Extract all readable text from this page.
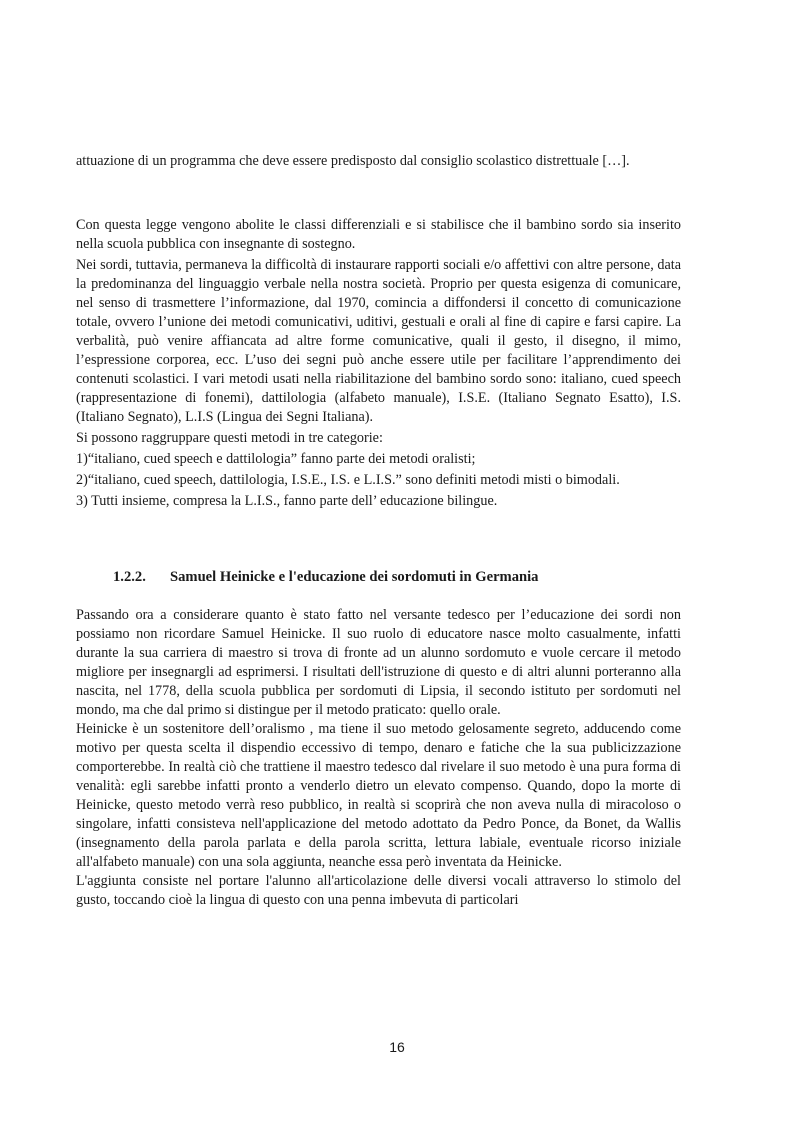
attuazione di un programma che deve essere predisposto dal consiglio scolastico distrettuale […].

Con questa legge vengono abolite le classi differenziali e si stabilisce che il bambino sordo sia inserito nella scuola pubblica con insegnante di sostegno.

Nei sordi, tuttavia, permaneva la difficoltà di instaurare rapporti sociali e/o affettivi con altre persone, data la predominanza del linguaggio verbale nella nostra società. Proprio per questa esigenza di comunicare, nel senso di trasmettere l’informazione, dal 1970, comincia a diffondersi il concetto di comunicazione totale, ovvero l’unione dei metodi comunicativi, uditivi, gestuali e orali al fine di capire e farsi capire. La verbalità, può venire affiancata ad altre forme comunicative, quali il gesto, il disegno, il mimo, l’espressione corporea, ecc. L’uso dei segni può anche essere utile per facilitare l’apprendimento dei contenuti scolastici. I vari metodi usati nella riabilitazione del bambino sordo sono: italiano, cued speech (rappresentazione di fonemi), dattilologia (alfabeto manuale), I.S.E. (Italiano Segnato Esatto), I.S. (Italiano Segnato), L.I.S (Lingua dei Segni Italiana).

Si possono raggruppare questi metodi in tre categorie:

1)“italiano, cued speech e dattilologia” fanno parte dei metodi oralisti;

2)“italiano, cued speech, dattilologia, I.S.E., I.S. e L.I.S.” sono definiti metodi misti o bimodali.

3) Tutti insieme, compresa la L.I.S., fanno parte dell’ educazione bilingue.

1.2.2. Samuel Heinicke e l'educazione dei sordomuti in Germania

Passando ora a considerare quanto è stato fatto nel versante tedesco per l’educazione dei sordi non possiamo non ricordare Samuel Heinicke. Il suo ruolo di educatore nasce molto casualmente, infatti durante la sua carriera di maestro si trova di fronte ad un alunno sordomuto e vuole cercare il metodo migliore per insegnargli ad esprimersi. I risultati dell'istruzione di questo e di altri alunni porteranno alla nascita, nel 1778, della scuola pubblica per sordomuti di Lipsia, il secondo istituto per sordomuti nel mondo, ma che dal primo si distingue per il metodo praticato: quello orale.

Heinicke è un sostenitore dell’oralismo , ma tiene il suo metodo gelosamente segreto, adducendo come motivo per questa scelta il dispendio eccessivo di tempo, denaro e fatiche che la sua publicizzazione comporterebbe. In realtà ciò che trattiene il maestro tedesco dal rivelare il suo metodo è una pura forma di venalità: egli sarebbe infatti pronto a venderlo dietro un elevato compenso. Quando, dopo la morte di Heinicke, questo metodo verrà reso pubblico, in realtà si scoprirà che non aveva nulla di miracoloso o singolare, infatti consisteva nell'applicazione del metodo adottato da Pedro Ponce, da Bonet, da Wallis (insegnamento della parola parlata e della parola scritta, lettura labiale, eventuale ricorso iniziale all'alfabeto manuale) con una sola aggiunta, neanche essa però inventata da Heinicke.

L'aggiunta consiste nel portare l'alunno all'articolazione delle diversi vocali attraverso lo stimolo del gusto, toccando cioè la lingua di questo con una penna imbevuta di particolari

16
